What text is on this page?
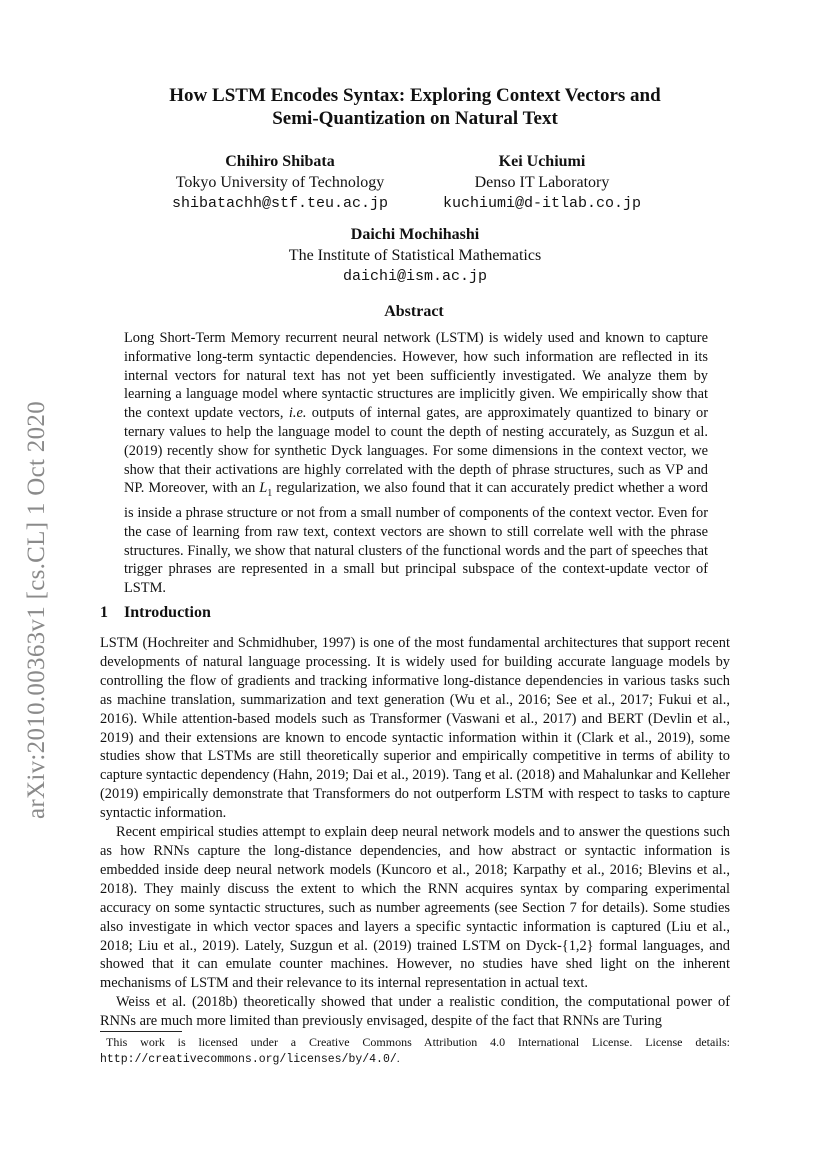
arXiv:2010.00363v1 [cs.CL] 1 Oct 2020
How LSTM Encodes Syntax: Exploring Context Vectors and
Semi-Quantization on Natural Text
Chihiro Shibata
Tokyo University of Technology
shibatachh@stf.teu.ac.jp
Kei Uchiumi
Denso IT Laboratory
kuchiumi@d-itlab.co.jp
Daichi Mochihashi
The Institute of Statistical Mathematics
daichi@ism.ac.jp
Abstract

Long Short-Term Memory recurrent neural network (LSTM) is widely used and known to capture informative long-term syntactic dependencies. However, how such information are reflected in its internal vectors for natural text has not yet been sufficiently investigated. We analyze them by learning a language model where syntactic structures are implicitly given. We empirically show that the context update vectors, i.e. outputs of internal gates, are approximately quantized to binary or ternary values to help the language model to count the depth of nesting accurately, as Suzgun et al. (2019) recently show for synthetic Dyck languages. For some dimensions in the context vector, we show that their activations are highly correlated with the depth of phrase structures, such as VP and NP. Moreover, with an $L_1$ regularization, we also found that it can accurately predict whether a word is inside a phrase structure or not from a small number of components of the context vector. Even for the case of learning from raw text, context vectors are shown to still correlate well with the phrase structures. Finally, we show that natural clusters of the functional words and the part of speeches that trigger phrases are represented in a small but principal subspace of the context-update vector of LSTM.

1 Introduction

LSTM (Hochreiter and Schmidhuber, 1997) is one of the most fundamental architectures that support recent developments of natural language processing. It is widely used for building accurate language models by controlling the flow of gradients and tracking informative long-distance dependencies in various tasks such as machine translation, summarization and text generation (Wu et al., 2016; See et al., 2017; Fukui et al., 2016). While attention-based models such as Transformer (Vaswani et al., 2017) and BERT (Devlin et al., 2019) and their extensions are known to encode syntactic information within it (Clark et al., 2019), some studies show that LSTMs are still theoretically superior and empirically competitive in terms of ability to capture syntactic dependency (Hahn, 2019; Dai et al., 2019). Tang et al. (2018) and Mahalunkar and Kelleher (2019) empirically demonstrate that Transformers do not outperform LSTM with respect to tasks to capture syntactic information.

Recent empirical studies attempt to explain deep neural network models and to answer the questions such as how RNNs capture the long-distance dependencies, and how abstract or syntactic information is embedded inside deep neural network models (Kuncoro et al., 2018; Karpathy et al., 2016; Blevins et al., 2018). They mainly discuss the extent to which the RNN acquires syntax by comparing experimental accuracy on some syntactic structures, such as number agreements (see Section 7 for details). Some studies also investigate in which vector spaces and layers a specific syntactic information is captured (Liu et al., 2018; Liu et al., 2019). Lately, Suzgun et al. (2019) trained LSTM on Dyck-{1,2} formal languages, and showed that it can emulate counter machines. However, no studies have shed light on the inherent mechanisms of LSTM and their relevance to its internal representation in actual text.

Weiss et al. (2018b) theoretically showed that under a realistic condition, the computational power of RNNs are much more limited than previously envisaged, despite of the fact that RNNs are Turing

This work is licensed under a Creative Commons Attribution 4.0 International License. License details: http://creativecommons.org/licenses/by/4.0/.
